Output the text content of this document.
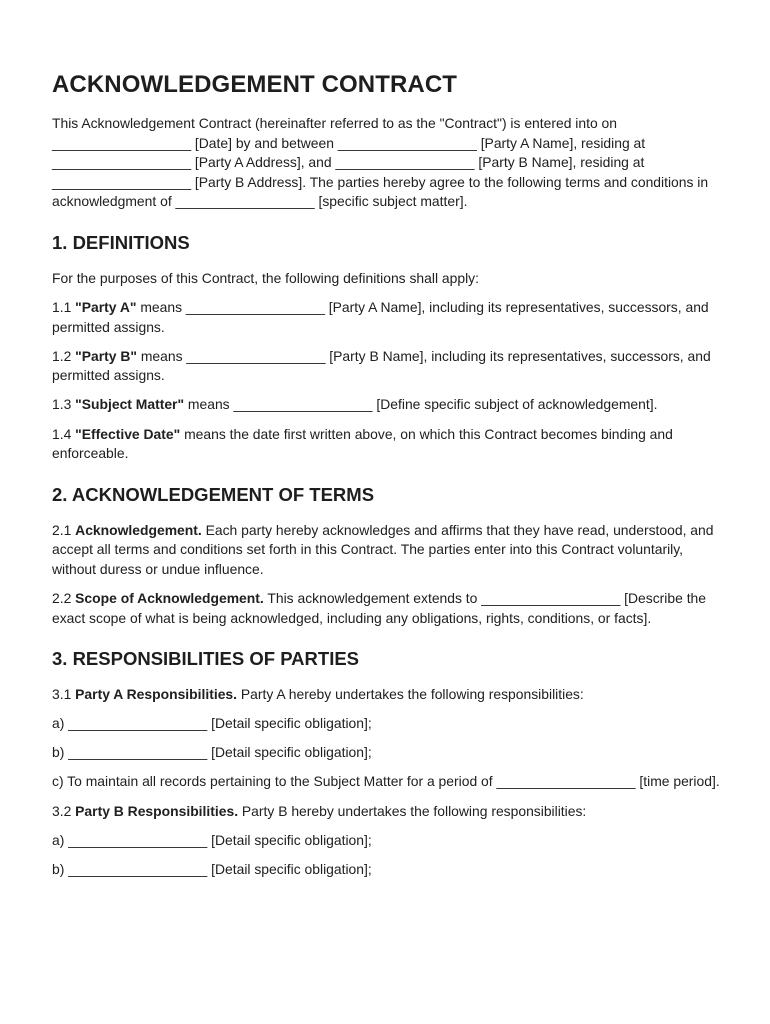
ACKNOWLEDGEMENT CONTRACT

This Acknowledgement Contract (hereinafter referred to as the "Contract") is entered into on __________________ [Date] by and between __________________ [Party A Name], residing at __________________ [Party A Address], and __________________ [Party B Name], residing at __________________ [Party B Address]. The parties hereby agree to the following terms and conditions in acknowledgment of __________________ [specific subject matter].

1. DEFINITIONS

For the purposes of this Contract, the following definitions shall apply:

1.1 "Party A" means __________________ [Party A Name], including its representatives, successors, and permitted assigns.

1.2 "Party B" means __________________ [Party B Name], including its representatives, successors, and permitted assigns.

1.3 "Subject Matter" means __________________ [Define specific subject of acknowledgement].

1.4 "Effective Date" means the date first written above, on which this Contract becomes binding and enforceable.

2. ACKNOWLEDGEMENT OF TERMS

2.1 Acknowledgement. Each party hereby acknowledges and affirms that they have read, understood, and accept all terms and conditions set forth in this Contract. The parties enter into this Contract voluntarily, without duress or undue influence.

2.2 Scope of Acknowledgement. This acknowledgement extends to __________________ [Describe the exact scope of what is being acknowledged, including any obligations, rights, conditions, or facts].

3. RESPONSIBILITIES OF PARTIES

3.1 Party A Responsibilities. Party A hereby undertakes the following responsibilities:

a) __________________ [Detail specific obligation];

b) __________________ [Detail specific obligation];

c) To maintain all records pertaining to the Subject Matter for a period of __________________ [time period].

3.2 Party B Responsibilities. Party B hereby undertakes the following responsibilities:

a) __________________ [Detail specific obligation];

b) __________________ [Detail specific obligation];
